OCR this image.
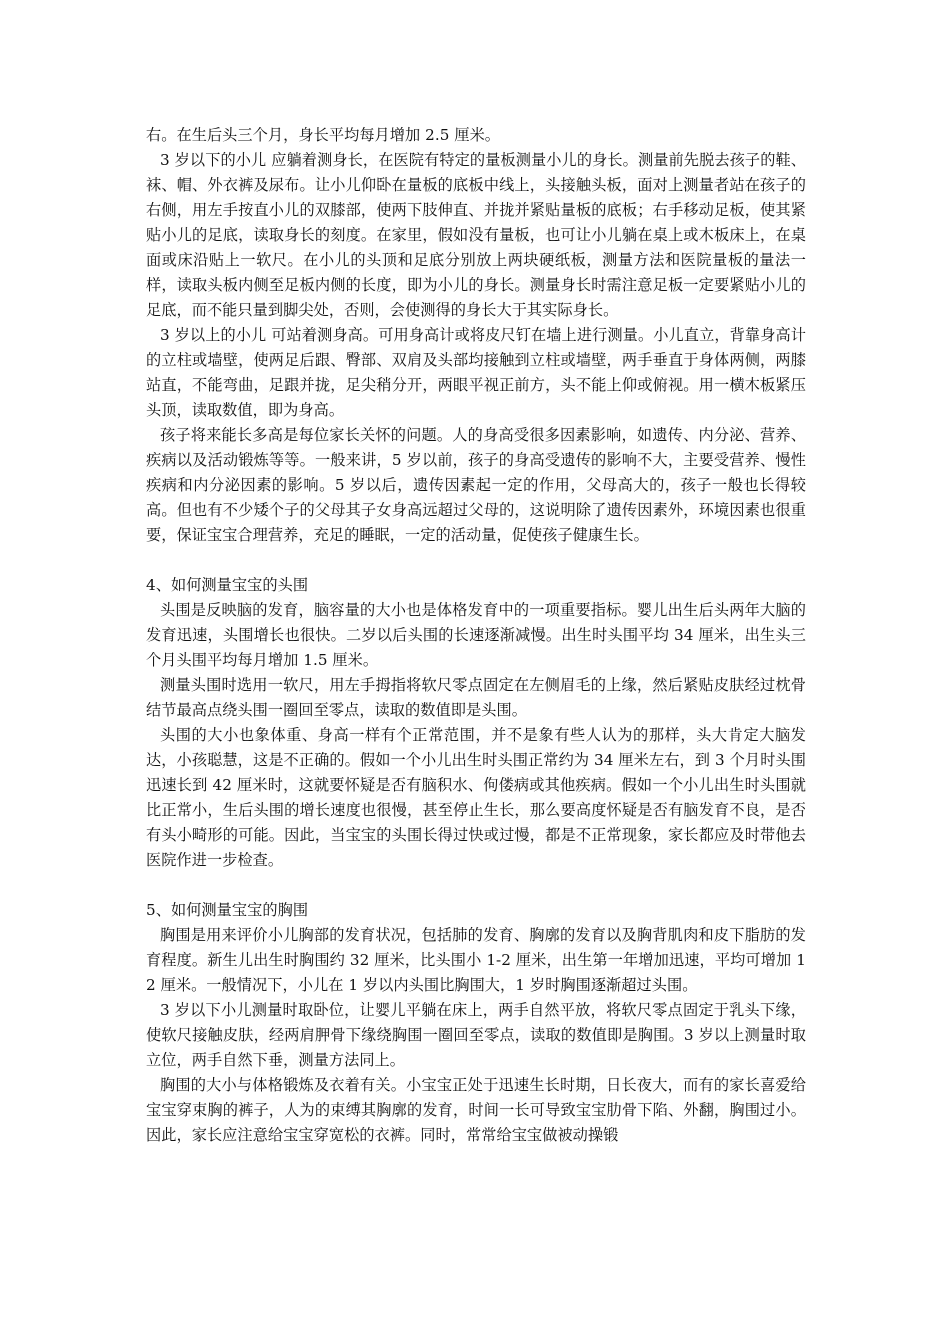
右。在生后头三个月，身长平均每月增加 2.5 厘米。

3 岁以下的小儿 应躺着测身长，在医院有特定的量板测量小儿的身长。测量前先脱去孩子的鞋、袜、帽、外衣裤及尿布。让小儿仰卧在量板的底板中线上，头接触头板，面对上测量者站在孩子的右侧，用左手按直小儿的双膝部，使两下肢伸直、并拢并紧贴量板的底板；右手移动足板，使其紧贴小儿的足底，读取身长的刻度。在家里，假如没有量板，也可让小儿躺在桌上或木板床上，在桌面或床沿贴上一软尺。在小儿的头顶和足底分别放上两块硬纸板，测量方法和医院量板的量法一样，读取头板内侧至足板内侧的长度，即为小儿的身长。测量身长时需注意足板一定要紧贴小儿的足底，而不能只量到脚尖处，否则，会使测得的身长大于其实际身长。

3 岁以上的小儿 可站着测身高。可用身高计或将皮尺钉在墙上进行测量。小儿直立，背靠身高计的立柱或墙壁，使两足后跟、臀部、双肩及头部均接触到立柱或墙壁，两手垂直于身体两侧，两膝站直，不能弯曲，足跟并拢，足尖稍分开，两眼平视正前方，头不能上仰或俯视。用一横木板紧压头顶，读取数值，即为身高。

孩子将来能长多高是每位家长关怀的问题。人的身高受很多因素影响，如遗传、内分泌、营养、疾病以及活动锻炼等等。一般来讲，5 岁以前，孩子的身高受遗传的影响不大，主要受营养、慢性疾病和内分泌因素的影响。5 岁以后，遗传因素起一定的作用，父母高大的，孩子一般也长得较高。但也有不少矮个子的父母其子女身高远超过父母的，这说明除了遗传因素外，环境因素也很重要，保证宝宝合理营养，充足的睡眠，一定的活动量，促使孩子健康生长。

4、如何测量宝宝的头围

头围是反映脑的发育，脑容量的大小也是体格发育中的一项重要指标。婴儿出生后头两年大脑的发育迅速，头围增长也很快。二岁以后头围的长速逐渐减慢。出生时头围平均 34 厘米，出生头三个月头围平均每月增加 1.5 厘米。

测量头围时选用一软尺，用左手拇指将软尺零点固定在左侧眉毛的上缘，然后紧贴皮肤经过枕骨结节最高点绕头围一圈回至零点，读取的数值即是头围。

头围的大小也象体重、身高一样有个正常范围，并不是象有些人认为的那样，头大肯定大脑发达，小孩聪慧，这是不正确的。假如一个小儿出生时头围正常约为 34 厘米左右，到 3 个月时头围迅速长到 42 厘米时，这就要怀疑是否有脑积水、佝偻病或其他疾病。假如一个小儿出生时头围就比正常小，生后头围的增长速度也很慢，甚至停止生长，那么要高度怀疑是否有脑发育不良，是否有头小畸形的可能。因此，当宝宝的头围长得过快或过慢，都是不正常现象，家长都应及时带他去医院作进一步检查。

5、如何测量宝宝的胸围

胸围是用来评价小儿胸部的发育状况，包括肺的发育、胸廓的发育以及胸背肌肉和皮下脂肪的发育程度。新生儿出生时胸围约 32 厘米，比头围小 1-2 厘米，出生第一年增加迅速，平均可增加 12 厘米。一般情况下，小儿在 1 岁以内头围比胸围大，1 岁时胸围逐渐超过头围。

3 岁以下小儿测量时取卧位，让婴儿平躺在床上，两手自然平放，将软尺零点固定于乳头下缘，使软尺接触皮肤，经两肩胛骨下缘绕胸围一圈回至零点，读取的数值即是胸围。3 岁以上测量时取立位，两手自然下垂，测量方法同上。

胸围的大小与体格锻炼及衣着有关。小宝宝正处于迅速生长时期，日长夜大，而有的家长喜爱给宝宝穿束胸的裤子，人为的束缚其胸廓的发育，时间一长可导致宝宝肋骨下陷、外翻，胸围过小。因此，家长应注意给宝宝穿宽松的衣裤。同时，常常给宝宝做被动操锻
